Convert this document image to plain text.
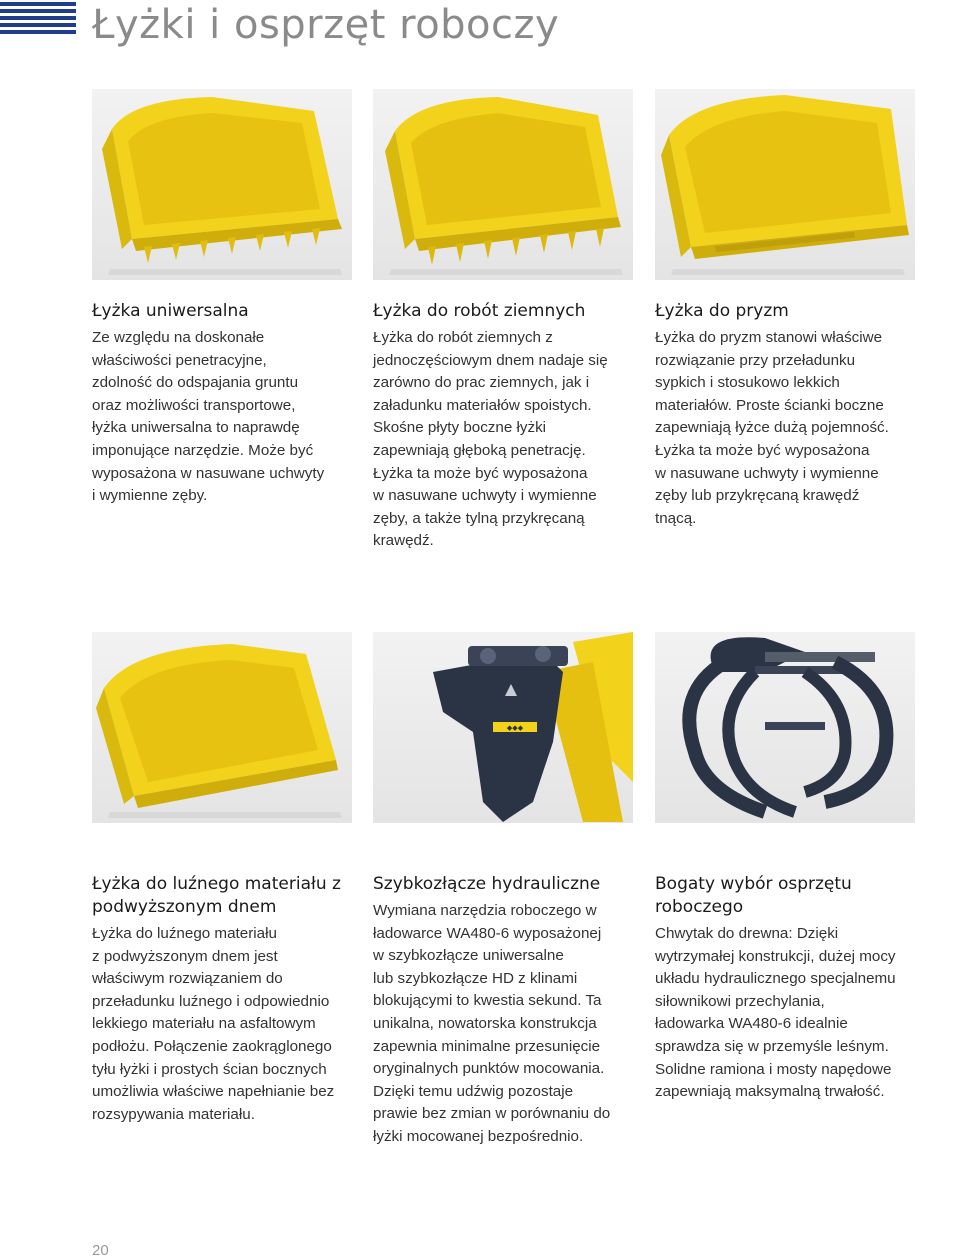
Łyżki i osprzęt roboczy
Łyżka uniwersalna

Ze względu na doskonałe
właściwości penetracyjne,
zdolność do odspajania gruntu
oraz możliwości transportowe,
łyżka uniwersalna to naprawdę
imponujące narzędzie. Może być
wyposażona w nasuwane uchwyty
i wymienne zęby.

Łyżka do robót ziemnych

Łyżka do robót ziemnych z
jednoczęściowym dnem nadaje się
zarówno do prac ziemnych, jak i
załadunku materiałów spoistych.
Skośne płyty boczne łyżki
zapewniają głęboką penetrację.
Łyżka ta może być wyposażona
w nasuwane uchwyty i wymienne
zęby, a także tylną przykręcaną
krawędź.

Łyżka do pryzm

Łyżka do pryzm stanowi właściwe
rozwiązanie przy przeładunku
sypkich i stosukowo lekkich
materiałów. Proste ścianki boczne
zapewniają łyżce dużą pojemność.
Łyżka ta może być wyposażona
w nasuwane uchwyty i wymienne
zęby lub przykręcaną krawędź
tnącą.

◆◆◆
Łyżka do luźnego materiału z
podwyższonym dnem

Łyżka do luźnego materiału
z podwyższonym dnem jest
właściwym rozwiązaniem do
przeładunku luźnego i odpowiednio
lekkiego materiału na asfaltowym
podłożu. Połączenie zaokrąglonego
tyłu łyżki i prostych ścian bocznych
umożliwia właściwe napełnianie bez
rozsypywania materiału.

Szybkozłącze hydrauliczne

Wymiana narzędzia roboczego w
ładowarce WA480-6 wyposażonej
w szybkozłącze uniwersalne
lub szybkozłącze HD z klinami
blokującymi to kwestia sekund. Ta
unikalna, nowatorska konstrukcja
zapewnia minimalne przesunięcie
oryginalnych punktów mocowania.
Dzięki temu udźwig pozostaje
prawie bez zmian w porównaniu do
łyżki mocowanej bezpośrednio.

Bogaty wybór osprzętu
roboczego

Chwytak do drewna: Dzięki
wytrzymałej konstrukcji, dużej mocy
układu hydraulicznego specjalnemu
siłownikowi przechylania,
ładowarka WA480-6 idealnie
sprawdza się w przemyśle leśnym.
Solidne ramiona i mosty napędowe
zapewniają maksymalną trwałość.

20
